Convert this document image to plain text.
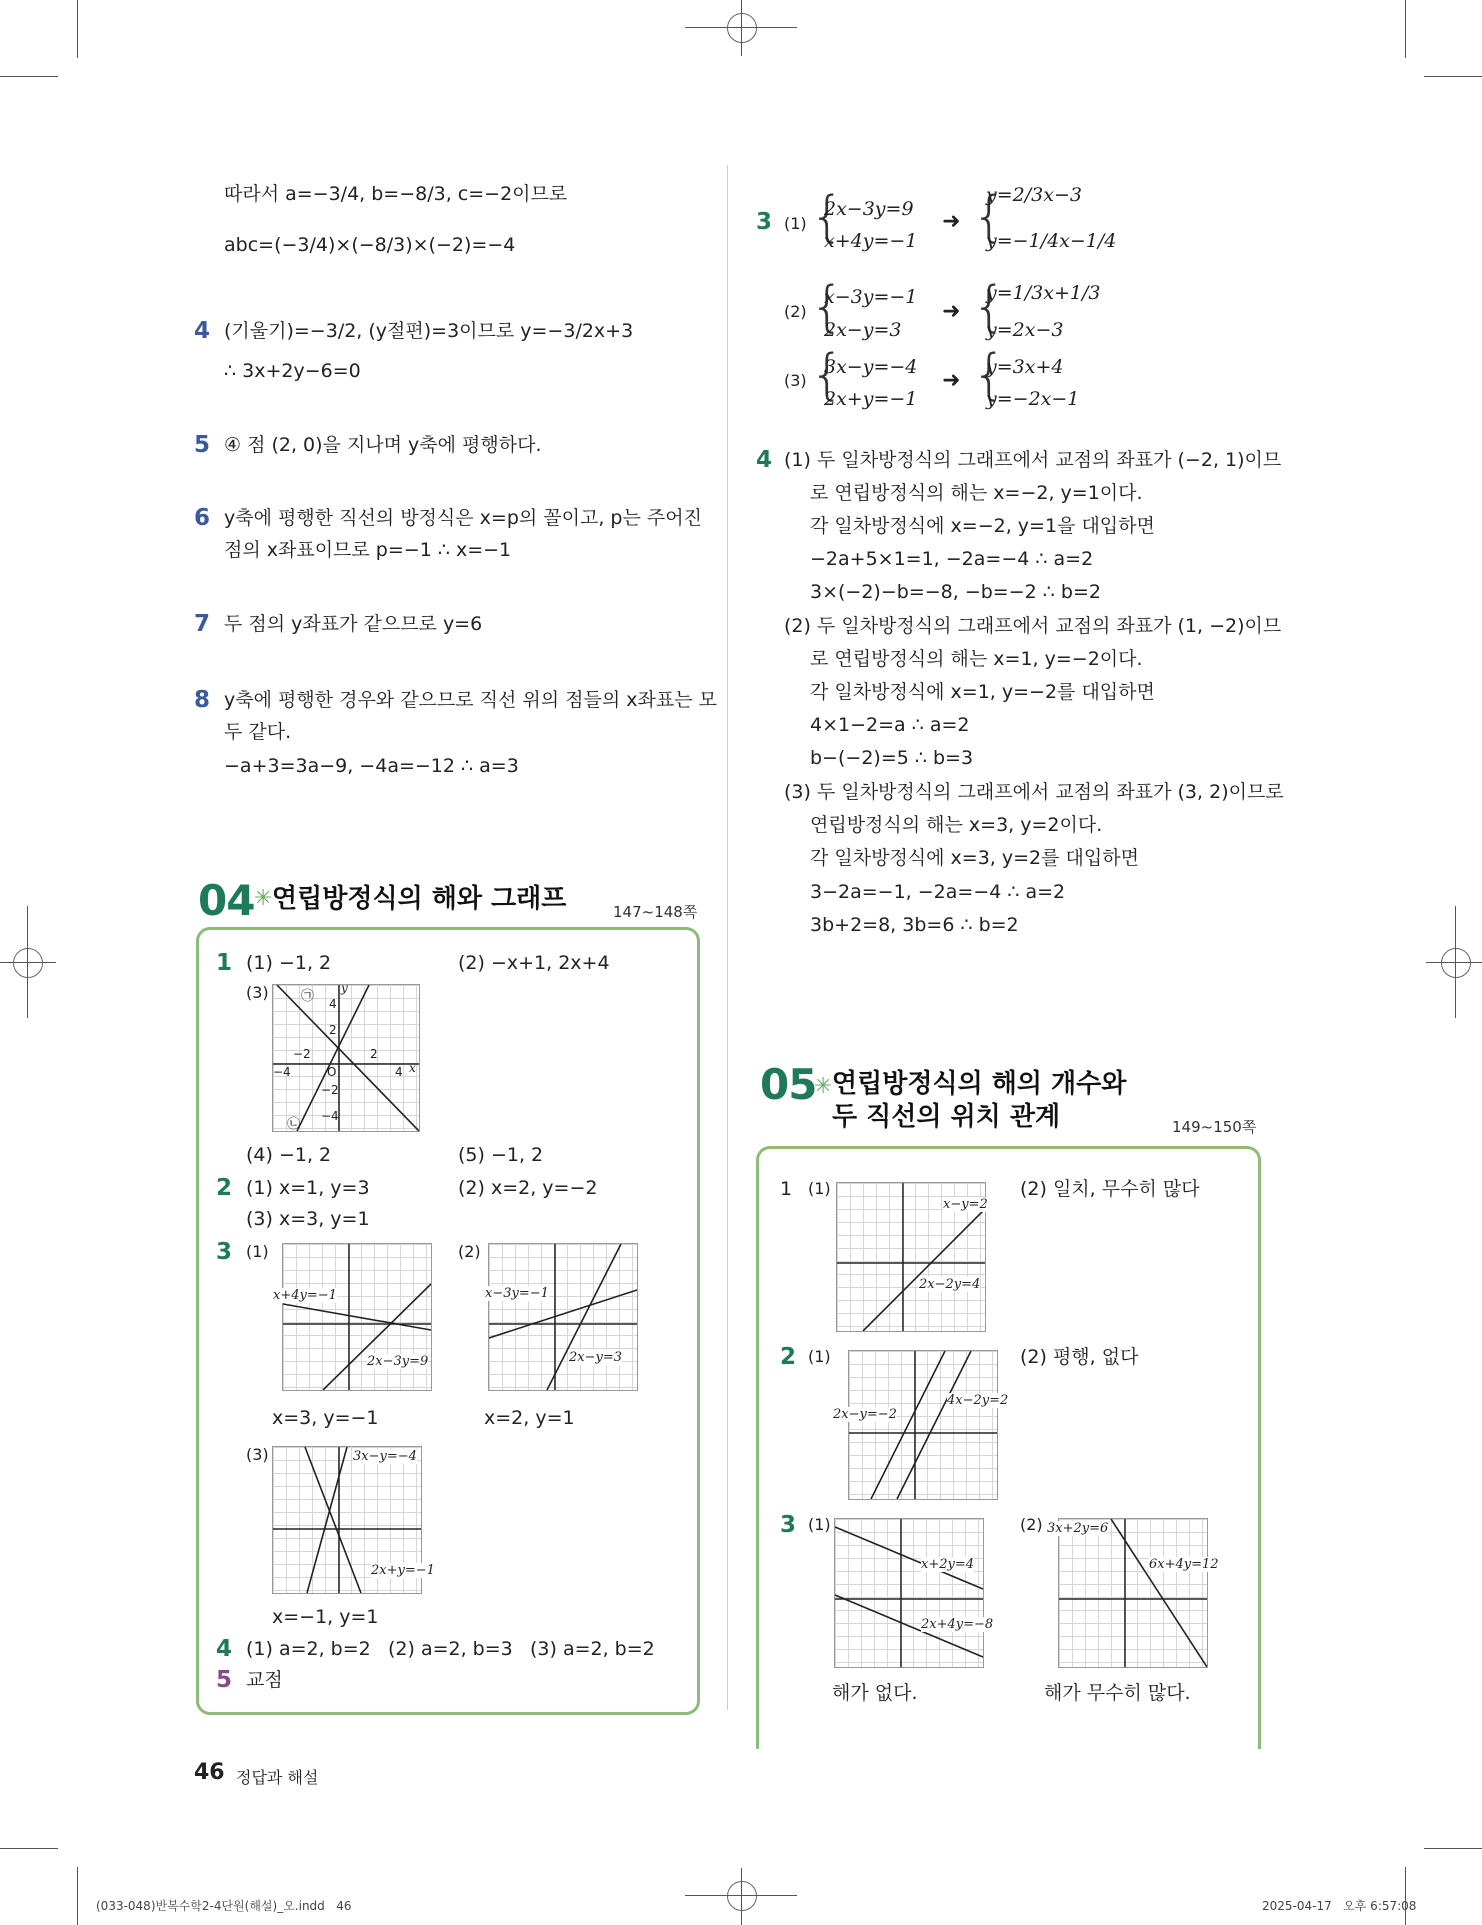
따라서 a=−3/4, b=−8/3, c=−2이므로
abc=(−3/4)×(−8/3)×(−2)=−4
4 (기울기)=−3/2, (y절편)=3이므로 y=−3/2x+3
∴ 3x+2y−6=0
5 ④ 점 (2, 0)을 지나며 y축에 평행하다.
6 y축에 평행한 직선의 방정식은 x=p의 꼴이고, p는 주어진
점의 x좌표이므로 p=−1 ∴ x=−1
7 두 점의 y좌표가 같으므로 y=6
8 y축에 평행한 경우와 같으므로 직선 위의 점들의 x좌표는 모
두 같다.
−a+3=3a−9, −4a=−12 ∴ a=3
04 ✳ 연립방정식의 해와 그래프	147~148쪽
1 (1) −1, 2	(2) −x+1, 2x+4
(3) ㉠
㉡
y
x
O
4
2
−2
−4
2
4
−2
−4
(4) −1, 2	(5) −1, 2
2 (1) x=1, y=3	(2) x=2, y=−2
(3) x=3, y=1
3 (1)	(2)
x+4y=−1
2x−3y=9
x−3y=−1
2x−y=3
x=3, y=−1	x=2, y=1
(3)	3x−y=−4
2x+y=−1
x=−1, y=1
4 (1) a=2, b=2 (2) a=2, b=3 (3) a=2, b=2
5 교점
3 (1) {
2x−3y=9
x+4y=−1
➜ {
y=2/3x−3
y=−1/4x−1/4
(2) {
x−3y=−1
2x−y=3
➜ {
y=1/3x+1/3
y=2x−3
(3) {
3x−y=−4
2x+y=−1
➜ {
y=3x+4
y=−2x−1
4 (1) 두 일차방정식의 그래프에서 교점의 좌표가 (−2, 1)이므
로 연립방정식의 해는 x=−2, y=1이다.
각 일차방정식에 x=−2, y=1을 대입하면
−2a+5×1=1, −2a=−4 ∴ a=2
3×(−2)−b=−8, −b=−2 ∴ b=2
(2) 두 일차방정식의 그래프에서 교점의 좌표가 (1, −2)이므
로 연립방정식의 해는 x=1, y=−2이다.
각 일차방정식에 x=1, y=−2를 대입하면
4×1−2=a ∴ a=2
b−(−2)=5 ∴ b=3
(3) 두 일차방정식의 그래프에서 교점의 좌표가 (3, 2)이므로
연립방정식의 해는 x=3, y=2이다.
각 일차방정식에 x=3, y=2를 대입하면
3−2a=−1, −2a=−4 ∴ a=2
3b+2=8, 3b=6 ∴ b=2
05
✳ 연립방정식의 해의 개수와
두 직선의 위치 관계	149~150쪽
1 (1)	(2) 일치, 무수히 많다
x−y=2
2x−2y=4
2 (1)	(2) 평행, 없다
2x−y=−2
4x−2y=2
3 (1)	(2)
x+2y=4
2x+4y=−8
3x+2y=6
6x+4y=12
해가 없다.	해가 무수히 많다.
46 정답과 해설
(033-048)반복수학2-4단원(해설)_오.indd   46	2025-04-17   오후 6:57:08
